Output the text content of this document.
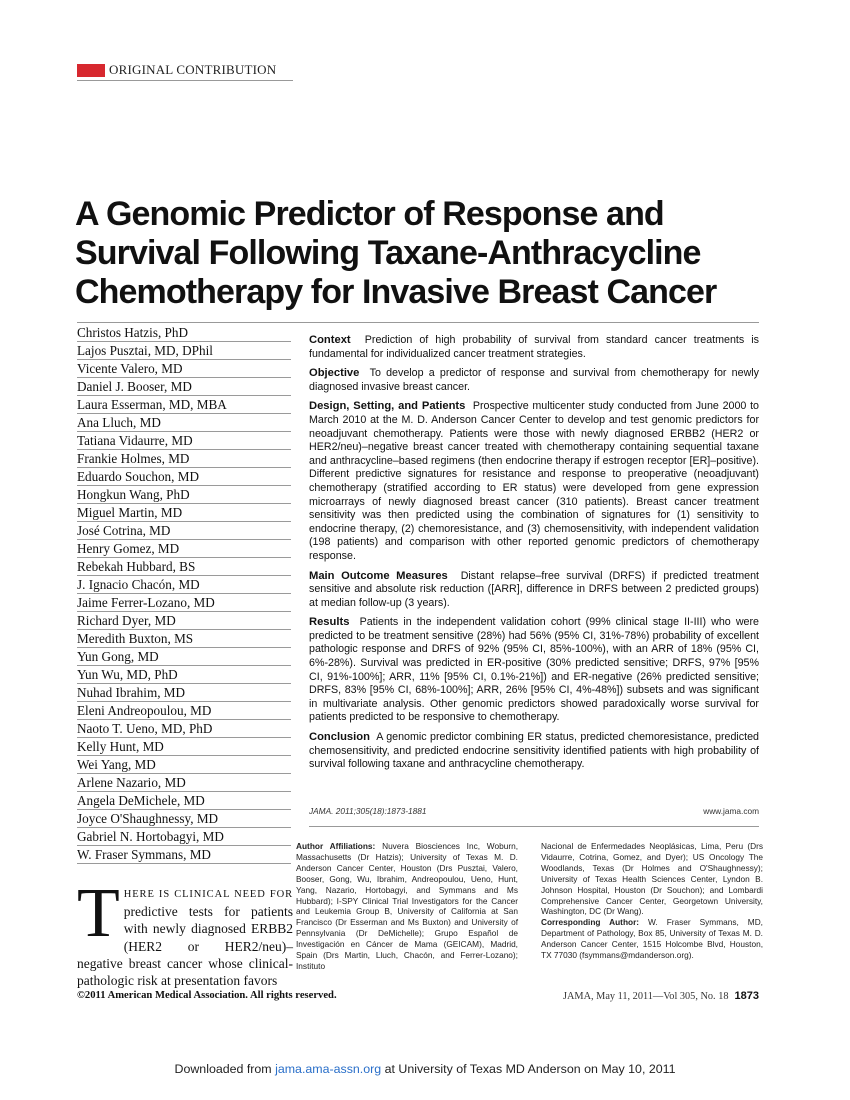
ORIGINAL CONTRIBUTION
A Genomic Predictor of Response and Survival Following Taxane-Anthracycline Chemotherapy for Invasive Breast Cancer
Christos Hatzis, PhD
Lajos Pusztai, MD, DPhil
Vicente Valero, MD
Daniel J. Booser, MD
Laura Esserman, MD, MBA
Ana Lluch, MD
Tatiana Vidaurre, MD
Frankie Holmes, MD
Eduardo Souchon, MD
Hongkun Wang, PhD
Miguel Martin, MD
José Cotrina, MD
Henry Gomez, MD
Rebekah Hubbard, BS
J. Ignacio Chacón, MD
Jaime Ferrer-Lozano, MD
Richard Dyer, MD
Meredith Buxton, MS
Yun Gong, MD
Yun Wu, MD, PhD
Nuhad Ibrahim, MD
Eleni Andreopoulou, MD
Naoto T. Ueno, MD, PhD
Kelly Hunt, MD
Wei Yang, MD
Arlene Nazario, MD
Angela DeMichele, MD
Joyce O'Shaughnessy, MD
Gabriel N. Hortobagyi, MD
W. Fraser Symmans, MD
THERE IS CLINICAL NEED FOR predictive tests for patients with newly diagnosed ERBB2 (HER2 or HER2/neu)–negative breast cancer whose clinical-pathologic risk at presentation favors

Context Prediction of high probability of survival from standard cancer treatments is fundamental for individualized cancer treatment strategies.

Objective To develop a predictor of response and survival from chemotherapy for newly diagnosed invasive breast cancer.

Design, Setting, and Patients Prospective multicenter study conducted from June 2000 to March 2010 at the M. D. Anderson Cancer Center to develop and test genomic predictors for neoadjuvant chemotherapy. Patients were those with newly diagnosed ERBB2 (HER2 or HER2/neu)–negative breast cancer treated with chemotherapy containing sequential taxane and anthracycline–based regimens (then endocrine therapy if estrogen receptor [ER]–positive). Different predictive signatures for resistance and response to preoperative (neoadjuvant) chemotherapy (stratified according to ER status) were developed from gene expression microarrays of newly diagnosed breast cancer (310 patients). Breast cancer treatment sensitivity was then predicted using the combination of signatures for (1) sensitivity to endocrine therapy, (2) chemoresistance, and (3) chemosensitivity, with independent validation (198 patients) and comparison with other reported genomic predictors of chemotherapy response.

Main Outcome Measures Distant relapse–free survival (DRFS) if predicted treatment sensitive and absolute risk reduction ([ARR], difference in DRFS between 2 predicted groups) at median follow-up (3 years).

Results Patients in the independent validation cohort (99% clinical stage II-III) who were predicted to be treatment sensitive (28%) had 56% (95% CI, 31%-78%) probability of excellent pathologic response and DRFS of 92% (95% CI, 85%-100%), with an ARR of 18% (95% CI, 6%-28%). Survival was predicted in ER-positive (30% predicted sensitive; DRFS, 97% [95% CI, 91%-100%]; ARR, 11% [95% CI, 0.1%-21%]) and ER-negative (26% predicted sensitive; DRFS, 83% [95% CI, 68%-100%]; ARR, 26% [95% CI, 4%-48%]) subsets and was significant in multivariate analysis. Other genomic predictors showed paradoxically worse survival for patients predicted to be responsive to chemotherapy.

Conclusion A genomic predictor combining ER status, predicted chemoresistance, predicted chemosensitivity, and predicted endocrine sensitivity identified patients with high probability of survival following taxane and anthracycline chemotherapy.

JAMA. 2011;305(18):1873-1881	www.jama.com
Author Affiliations: Nuvera Biosciences Inc, Woburn, Massachusetts (Dr Hatzis); University of Texas M. D. Anderson Cancer Center, Houston (Drs Pusztai, Valero, Booser, Gong, Wu, Ibrahim, Andreopoulou, Ueno, Hunt, Yang, Nazario, Hortobagyi, and Symmans and Ms Hubbard); I-SPY Clinical Trial Investigators for the Cancer and Leukemia Group B, University of California at San Francisco (Dr Esserman and Ms Buxton) and University of Pennsylvania (Dr DeMichelle); Grupo Español de Investigación en Cáncer de Mama (GEICAM), Madrid, Spain (Drs Martin, Lluch, Chacón, and Ferrer-Lozano); Instituto
Nacional de Enfermedades Neoplásicas, Lima, Peru (Drs Vidaurre, Cotrina, Gomez, and Dyer); US Oncology The Woodlands, Texas (Dr Holmes and O'Shaughnessy); University of Texas Health Sciences Center, Lyndon B. Johnson Hospital, Houston (Dr Souchon); and Lombardi Comprehensive Cancer Center, Georgetown University, Washington, DC (Dr Wang).
Corresponding Author: W. Fraser Symmans, MD, Department of Pathology, Box 85, University of Texas M. D. Anderson Cancer Center, 1515 Holcombe Blvd, Houston, TX 77030 (fsymmans@mdanderson.org).
©2011 American Medical Association. All rights reserved.	JAMA, May 11, 2011—Vol 305, No. 18 1873
Downloaded from jama.ama-assn.org at University of Texas MD Anderson on May 10, 2011
